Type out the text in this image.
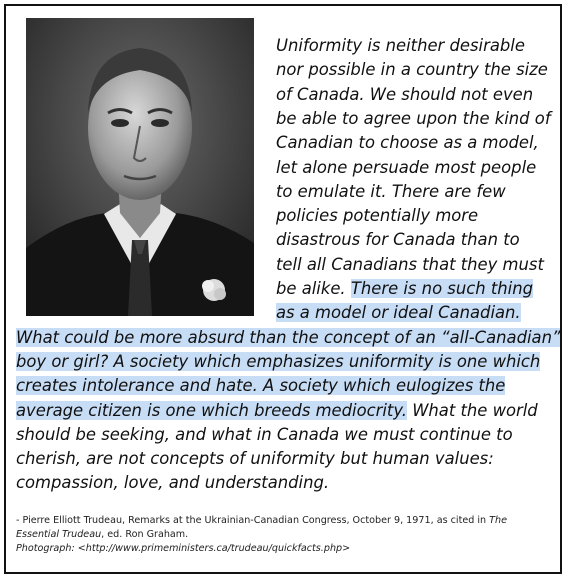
Uniformity is neither desirable
nor possible in a country the size
of Canada. We should not even
be able to agree upon the kind of
Canadian to choose as a model,
let alone persuade most people
to emulate it. There are few
policies potentially more
disastrous for Canada than to
tell all Canadians that they must
be alike. There is no such thing
as a model or ideal Canadian.
What could be more absurd than the concept of an “all-Canadian”
boy or girl? A society which emphasizes uniformity is one which
creates intolerance and hate. A society which eulogizes the
average citizen is one which breeds mediocrity. What the world
should be seeking, and what in Canada we must continue to
cherish, are not concepts of uniformity but human values:
compassion, love, and understanding.
- Pierre Elliott Trudeau, Remarks at the Ukrainian-Canadian Congress, October 9, 1971, as cited in The Essential Trudeau, ed. Ron Graham.
Photograph: <http://www.primeministers.ca/trudeau/quickfacts.php>
